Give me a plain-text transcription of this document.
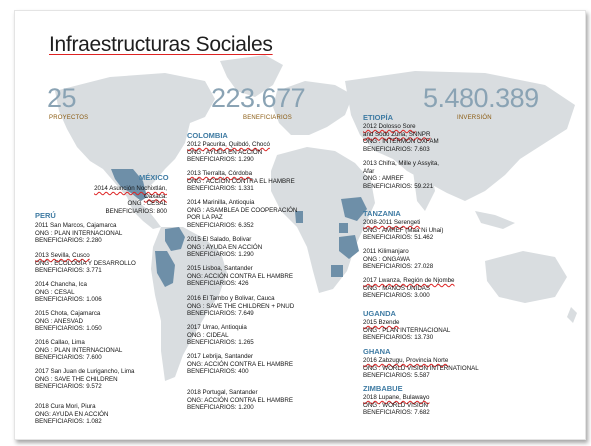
Infraestructuras Sociales
25
PROYECTOS
223.677
BENEFICIARIOS
5.480.389
INVERSIÓN
MÉXICO
2014 Asunción Nochixtlán,
Oaxaca.
ONG : CESAL
BENEFICIARIOS: 800
PERÚ
2011 San Marcos, Cajamarca
ONG : PLAN INTERNACIONAL
BENEFICIARIOS: 2.280
2013 Sevilla, Cusco
ONG : ECOLOGÍA Y DESARROLLO
BENEFICIARIOS: 3.771
2014 Chancha, Ica
ONG : CESAL
BENEFICIARIOS: 1.006
2015 Chota, Cajamarca
ONG : ANESVAD
BENEFICIARIOS: 1.050
2016 Callao, Lima
ONG : PLAN INTERNACIONAL
BENEFICIARIOS: 7.600
2017 San Juan de Lurigancho, Lima
ONG : SAVE THE CHILDREN
BENEFICIARIOS: 9.572
2018 Cura Mori, Piura
ONG: AYUDA EN ACCIÓN
BENEFICIARIOS: 1.082
COLOMBIA
2012 Pacurita, Quibdó, Chocó
ONG : AYUDA EN ACCIÓN
BENEFICIARIOS: 1.290
2013 Tierralta, Córdoba
ONG : ACCIÓN CONTRA EL HAMBRE
BENEFICIARIOS: 1.331
2014 Marinilla, Antioquia
ONG : ASAMBLEA DE COOPERACIÓN
POR LA PAZ
BENEFICIARIOS: 6.352
2015 El Salado, Bolivar
ONG : AYUDA EN ACCIÓN
BENEFICIARIOS: 1.290
2015 Lisboa, Santander
ONG: ACCIÓN CONTRA EL HAMBRE
BENEFICIARIOS: 426
2016 El Tambo y Bolivar, Cauca
ONG : SAVE THE CHILDREN + PNUD
BENEFICIARIOS: 7.649
2017 Urrao, Antioquia
ONG : CIDEAL
BENEFICIARIOS: 1.265
2017 Lebrija, Santander
ONG: ACCIÓN CONTRA EL HAMBRE
BENEFICIARIOS: 400
2018 Portugal, Santander
ONG: ACCIÓN CONTRA EL HAMBRE
BENEFICIARIOS: 1.200
ETIOPÍA
2012 Dolosso Sore
and Sodo Zuria, SNNPR
ONG : INTERMÓN OXFAM
BENEFICIARIOS: 7.603
2013 Chifra, Mille y Assyita,
Afar
ONG : AMREF
BENEFICIARIOS: 59.221
TANZANIA
2008-2011 Serengeti
ONG : AMREF (Maa Ni Uhai)
BENEFICIARIOS: 51.462
2011 Kilimanjaro
ONG : ONGAWA
BENEFICIARIOS: 27.028
2017 Lwanza, Región de Njombe
ONG : MANOS UNIDAS
BENEFICIARIOS: 3.000
UGANDA
2015 Bzende
ONG : PLAN INTERNACIONAL
BENEFICIARIOS: 13.730
GHANA
2016 Zabzugu, Provincia Norte
ONG : WORLD VISION INTERNATIONAL
BENEFICIARIOS: 5.587
ZIMBABUE
2018 Lupane, Bulawayo
ONG : WORLD VISION
BENEFICIARIOS: 7.682
